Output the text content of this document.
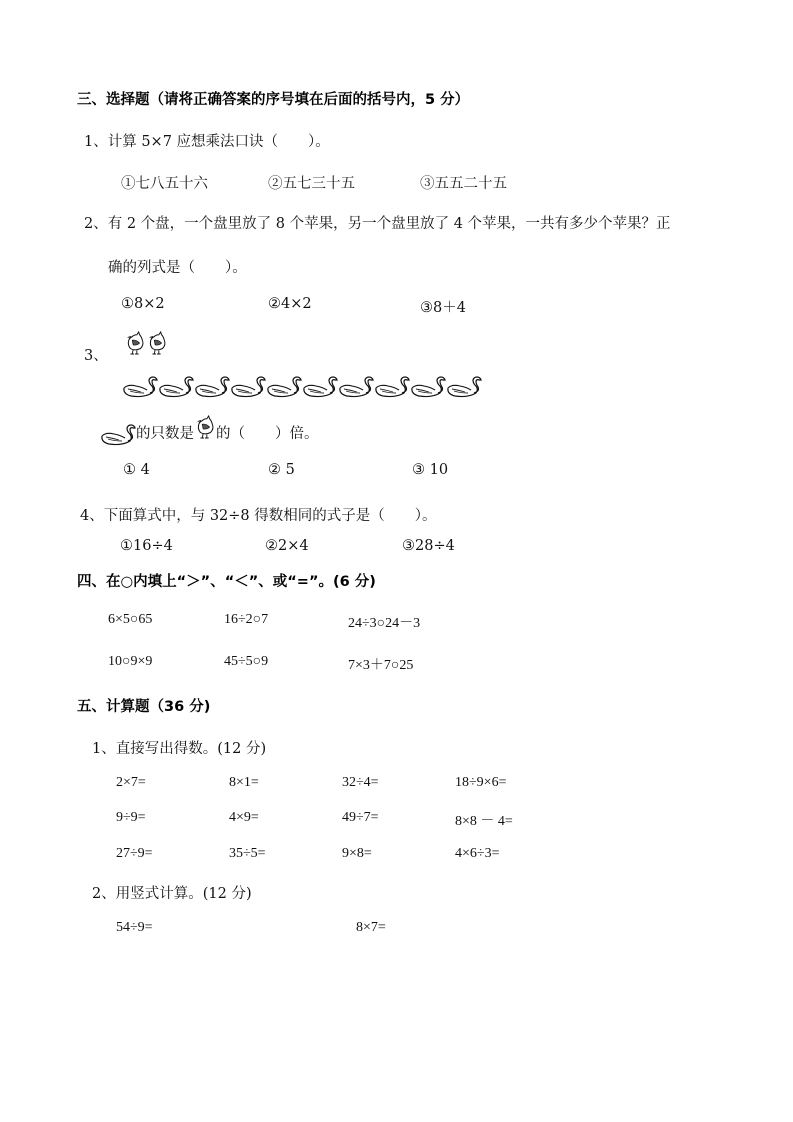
三、选择题（请将正确答案的序号填在后面的括号内，5 分）
1、计算 5×7 应想乘法口诀（ ）。
①七八五十六	②五七三十五	③五五二十五
2、有 2 个盘，一个盘里放了 8 个苹果，另一个盘里放了 4 个苹果，一共有多少个苹果？正
确的列式是（ ）。
①8×2	②4×2	③8＋4
3、
的只数是 的（ ）倍。
① 4	② 5	③ 10
4、下面算式中，与 32÷8 得数相同的式子是（ ）。
①16÷4	②2×4	③28÷4
四、在○内填上“＞”、“＜”、或“=”。(6 分)
6×5○65	16÷2○7	24÷3○24－3
10○9×9	45÷5○9	7×3＋7○25
五、计算题（36 分)
1、直接写出得数。(12 分)
2×7=	8×1=	32÷4=	18÷9×6=
9÷9=	4×9=	49÷7=	8×8 － 4=
27÷9=	35÷5=	9×8=	4×6÷3=
2、用竖式计算。(12 分)
54÷9=	8×7=
